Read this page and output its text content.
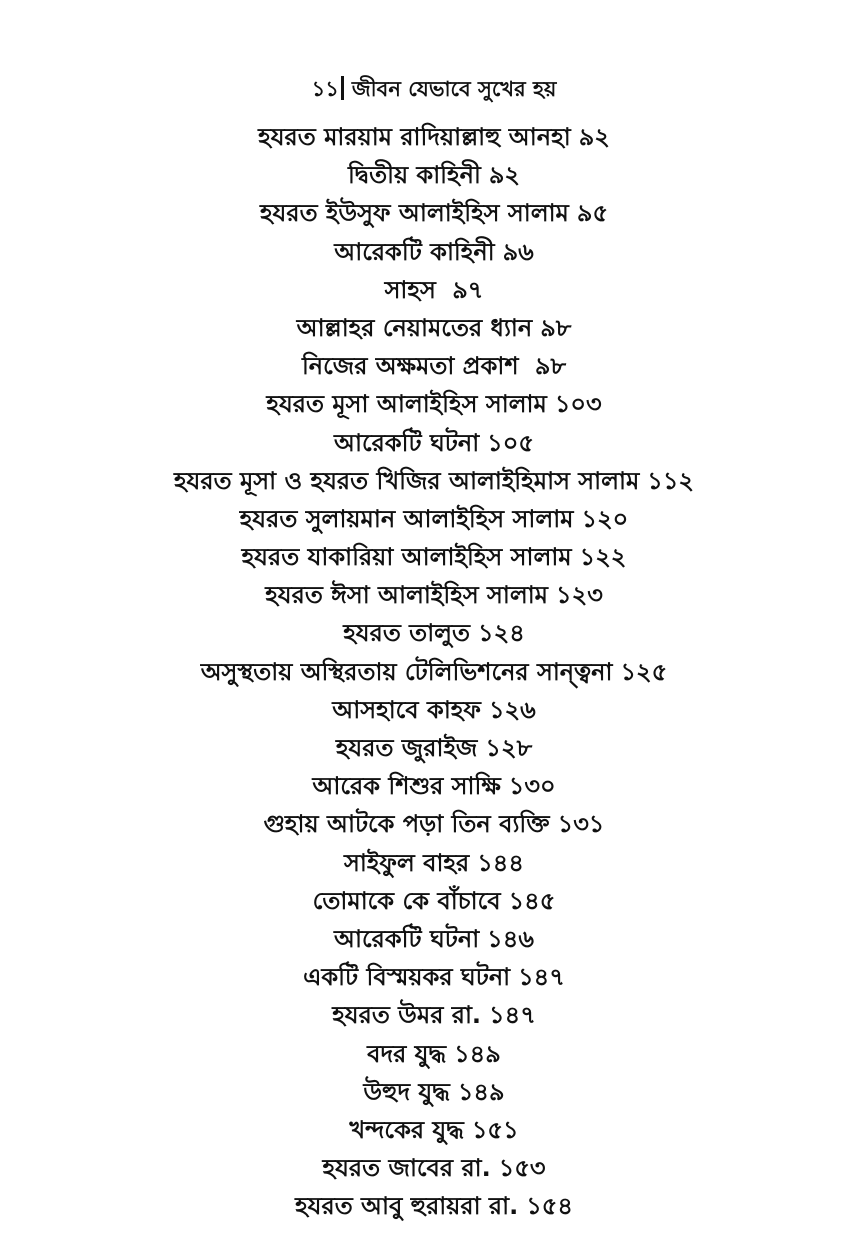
১১ জীবন যেভাবে সুখের হয়
হযরত মারয়াম রাদিয়াল্লাহু আনহা ৯২
দ্বিতীয় কাহিনী ৯২
হযরত ইউসুফ আলাইহিস সালাম ৯৫
আরেকটি কাহিনী ৯৬
সাহস ৯৭
আল্লাহর নেয়ামতের ধ্যান ৯৮
নিজের অক্ষমতা প্রকাশ ৯৮
হযরত মূসা আলাইহিস সালাম ১০৩
আরেকটি ঘটনা ১০৫
হযরত মূসা ও হযরত খিজির আলাইহিমাস সালাম ১১২
হযরত সুলায়মান আলাইহিস সালাম ১২০
হযরত যাকারিয়া আলাইহিস সালাম ১২২
হযরত ঈসা আলাইহিস সালাম ১২৩
হযরত তালুত ১২৪
অসুস্থতায় অস্থিরতায় টেলিভিশনের সান্ত্বনা ১২৫
আসহাবে কাহফ ১২৬
হযরত জুরাইজ ১২৮
আরেক শিশুর সাক্ষি ১৩০
গুহায় আটকে পড়া তিন ব্যক্তি ১৩১
সাইফুল বাহর ১৪৪
তোমাকে কে বাঁচাবে ১৪৫
আরেকটি ঘটনা ১৪৬
একটি বিস্ময়কর ঘটনা ১৪৭
হযরত উমর রা. ১৪৭
বদর যুদ্ধ ১৪৯
উহুদ যুদ্ধ ১৪৯
খন্দকের যুদ্ধ ১৫১
হযরত জাবের রা. ১৫৩
হযরত আবু হুরায়রা রা. ১৫৪
